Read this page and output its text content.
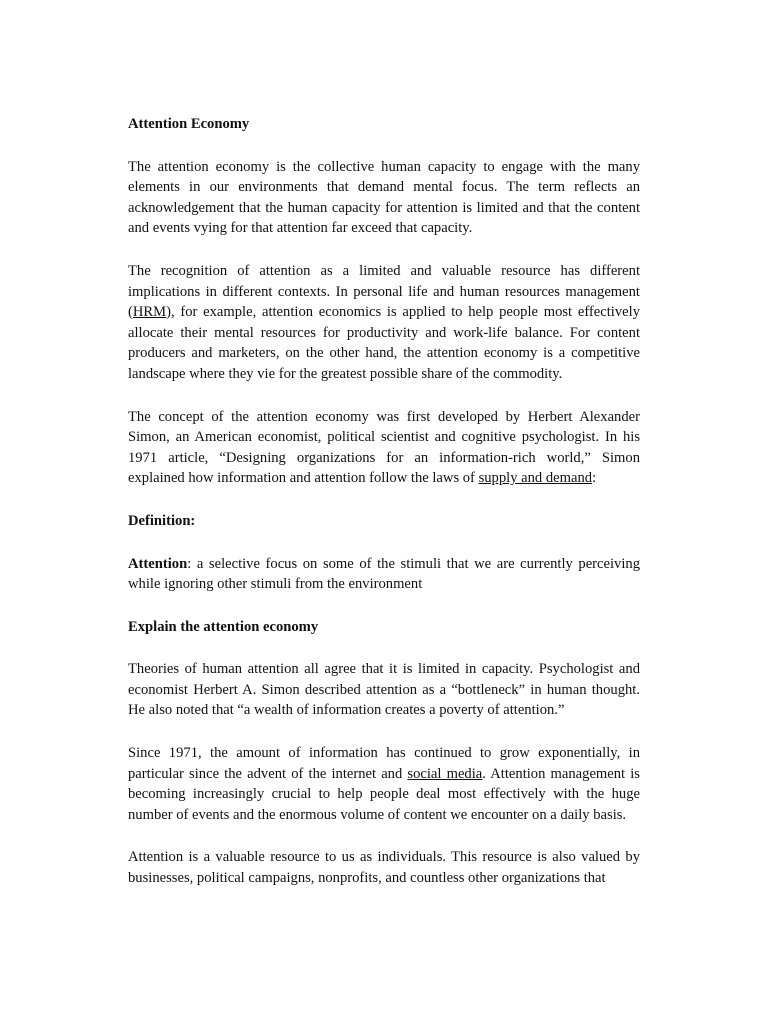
Attention Economy

The attention economy is the collective human capacity to engage with the many elements in our environments that demand mental focus. The term reflects an acknowledgement that the human capacity for attention is limited and that the content and events vying for that attention far exceed that capacity.

The recognition of attention as a limited and valuable resource has different implications in different contexts. In personal life and human resources management (HRM), for example, attention economics is applied to help people most effectively allocate their mental resources for productivity and work-life balance. For content producers and marketers, on the other hand, the attention economy is a competitive landscape where they vie for the greatest possible share of the commodity.

The concept of the attention economy was first developed by Herbert Alexander Simon, an American economist, political scientist and cognitive psychologist. In his 1971 article, “Designing organizations for an information-rich world,” Simon explained how information and attention follow the laws of supply and demand:

Definition:

Attention: a selective focus on some of the stimuli that we are currently perceiving while ignoring other stimuli from the environment

Explain the attention economy

Theories of human attention all agree that it is limited in capacity. Psychologist and economist Herbert A. Simon described attention as a “bottleneck” in human thought. He also noted that “a wealth of information creates a poverty of attention.”

Since 1971, the amount of information has continued to grow exponentially, in particular since the advent of the internet and social media. Attention management is becoming increasingly crucial to help people deal most effectively with the huge number of events and the enormous volume of content we encounter on a daily basis.

Attention is a valuable resource to us as individuals. This resource is also valued by businesses, political campaigns, nonprofits, and countless other organizations that
